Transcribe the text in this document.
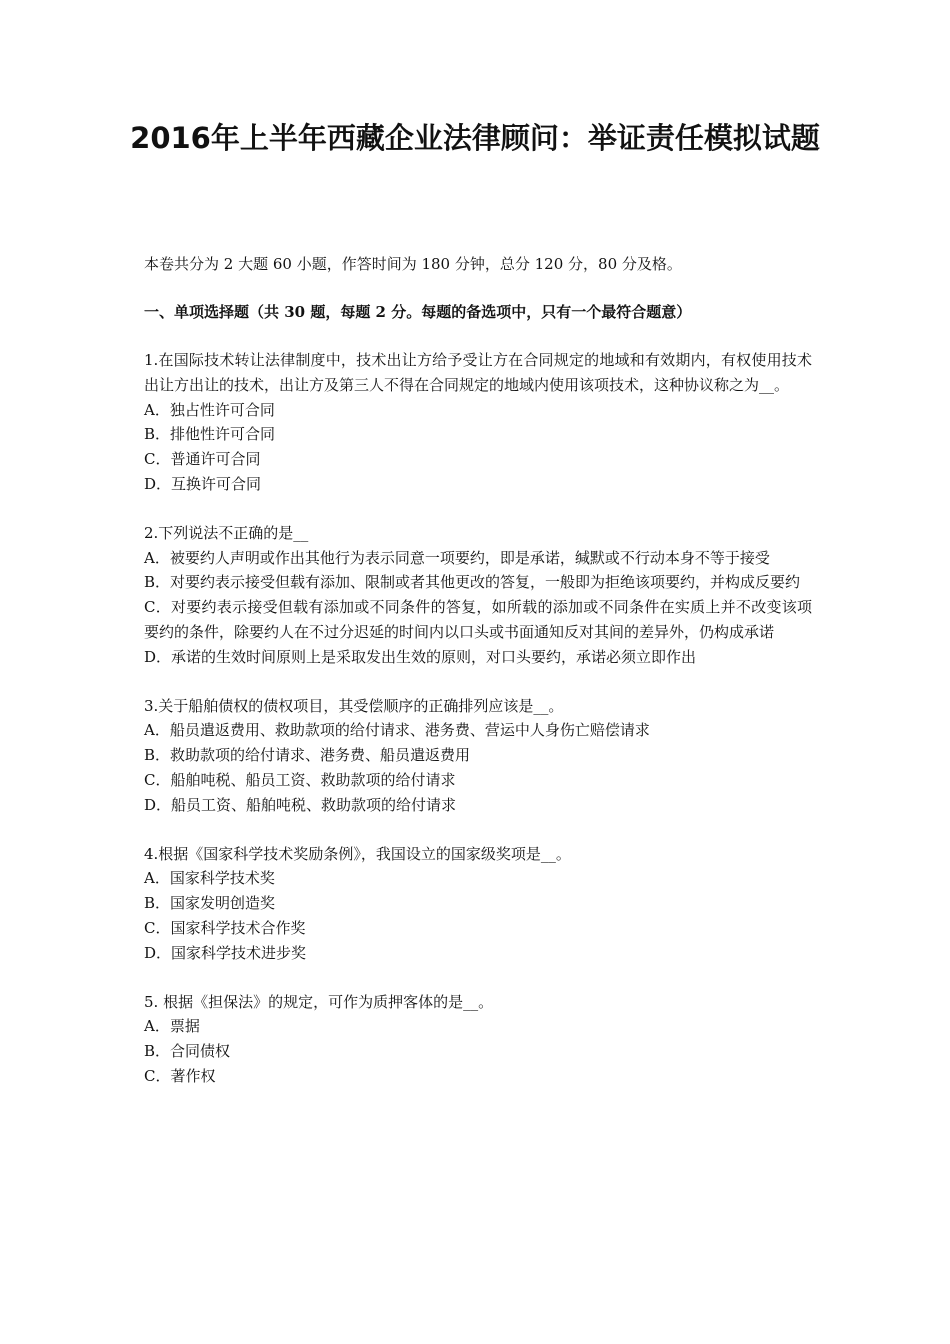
2016年上半年西藏企业法律顾问：举证责任模拟试题

本卷共分为 2 大题 60 小题，作答时间为 180 分钟，总分 120 分，80 分及格。

一、单项选择题（共 30 题，每题 2 分。每题的备选项中，只有一个最符合题意）

1.在国际技术转让法律制度中，技术出让方给予受让方在合同规定的地域和有效期内，有权使用技术出让方出让的技术，出让方及第三人不得在合同规定的地域内使用该项技术，这种协议称之为__。

A．独占性许可合同

B．排他性许可合同

C．普通许可合同

D．互换许可合同

2.下列说法不正确的是__

A．被要约人声明或作出其他行为表示同意一项要约，即是承诺，缄默或不行动本身不等于接受

B．对要约表示接受但载有添加、限制或者其他更改的答复，一般即为拒绝该项要约，并构成反要约

C．对要约表示接受但载有添加或不同条件的答复，如所载的添加或不同条件在实质上并不改变该项要约的条件，除要约人在不过分迟延的时间内以口头或书面通知反对其间的差异外，仍构成承诺

D．承诺的生效时间原则上是采取发出生效的原则，对口头要约，承诺必须立即作出

3.关于船舶债权的债权项目，其受偿顺序的正确排列应该是__。

A．船员遣返费用、救助款项的给付请求、港务费、营运中人身伤亡赔偿请求

B．救助款项的给付请求、港务费、船员遣返费用

C．船舶吨税、船员工资、救助款项的给付请求

D．船员工资、船舶吨税、救助款项的给付请求

4.根据《国家科学技术奖励条例》，我国设立的国家级奖项是__。

A．国家科学技术奖

B．国家发明创造奖

C．国家科学技术合作奖

D．国家科学技术进步奖

5. 根据《担保法》的规定，可作为质押客体的是__。

A．票据

B．合同债权

C．著作权
